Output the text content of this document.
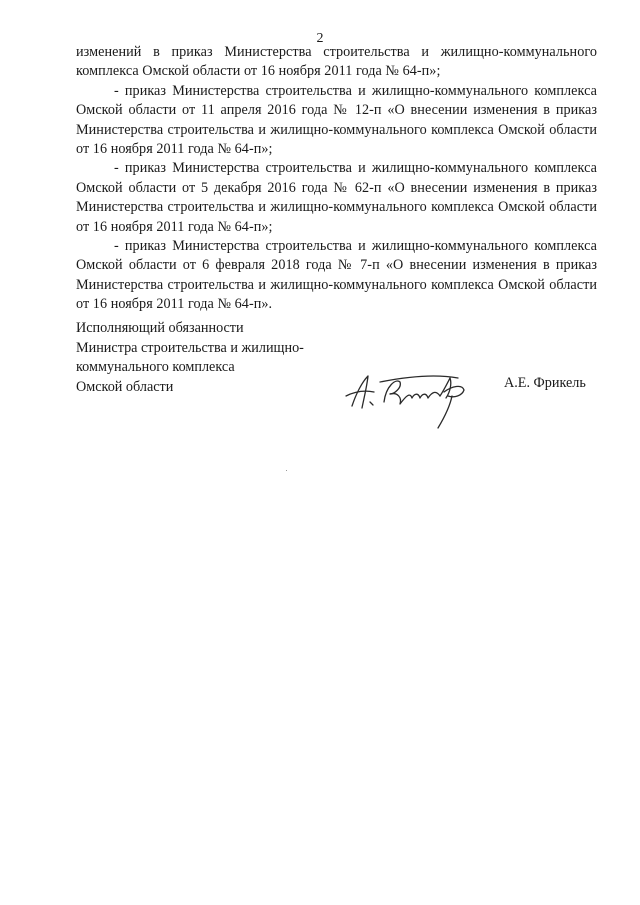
2

изменений в приказ Министерства строительства и жилищно-коммунального комплекса Омской области от 16 ноября 2011 года № 64-п»;

- приказ Министерства строительства и жилищно-коммунального комплекса Омской области от 11 апреля 2016 года № 12-п «О внесении изменения в приказ Министерства строительства и жилищно-коммунального комплекса Омской области от 16 ноября 2011 года № 64-п»;

- приказ Министерства строительства и жилищно-коммунального комплекса Омской области от 5 декабря 2016 года № 62-п «О внесении изменения в приказ Министерства строительства и жилищно-коммунального комплекса Омской области от 16 ноября 2011 года № 64-п»;

- приказ Министерства строительства и жилищно-коммунального комплекса Омской области от 6 февраля 2018 года № 7-п «О внесении изменения в приказ Министерства строительства и жилищно-коммунального комплекса Омской области от 16 ноября 2011 года № 64-п».

Исполняющий обязанности
Министра строительства и жилищно-
коммунального комплекса
Омской области	А.Е. Фрикель
